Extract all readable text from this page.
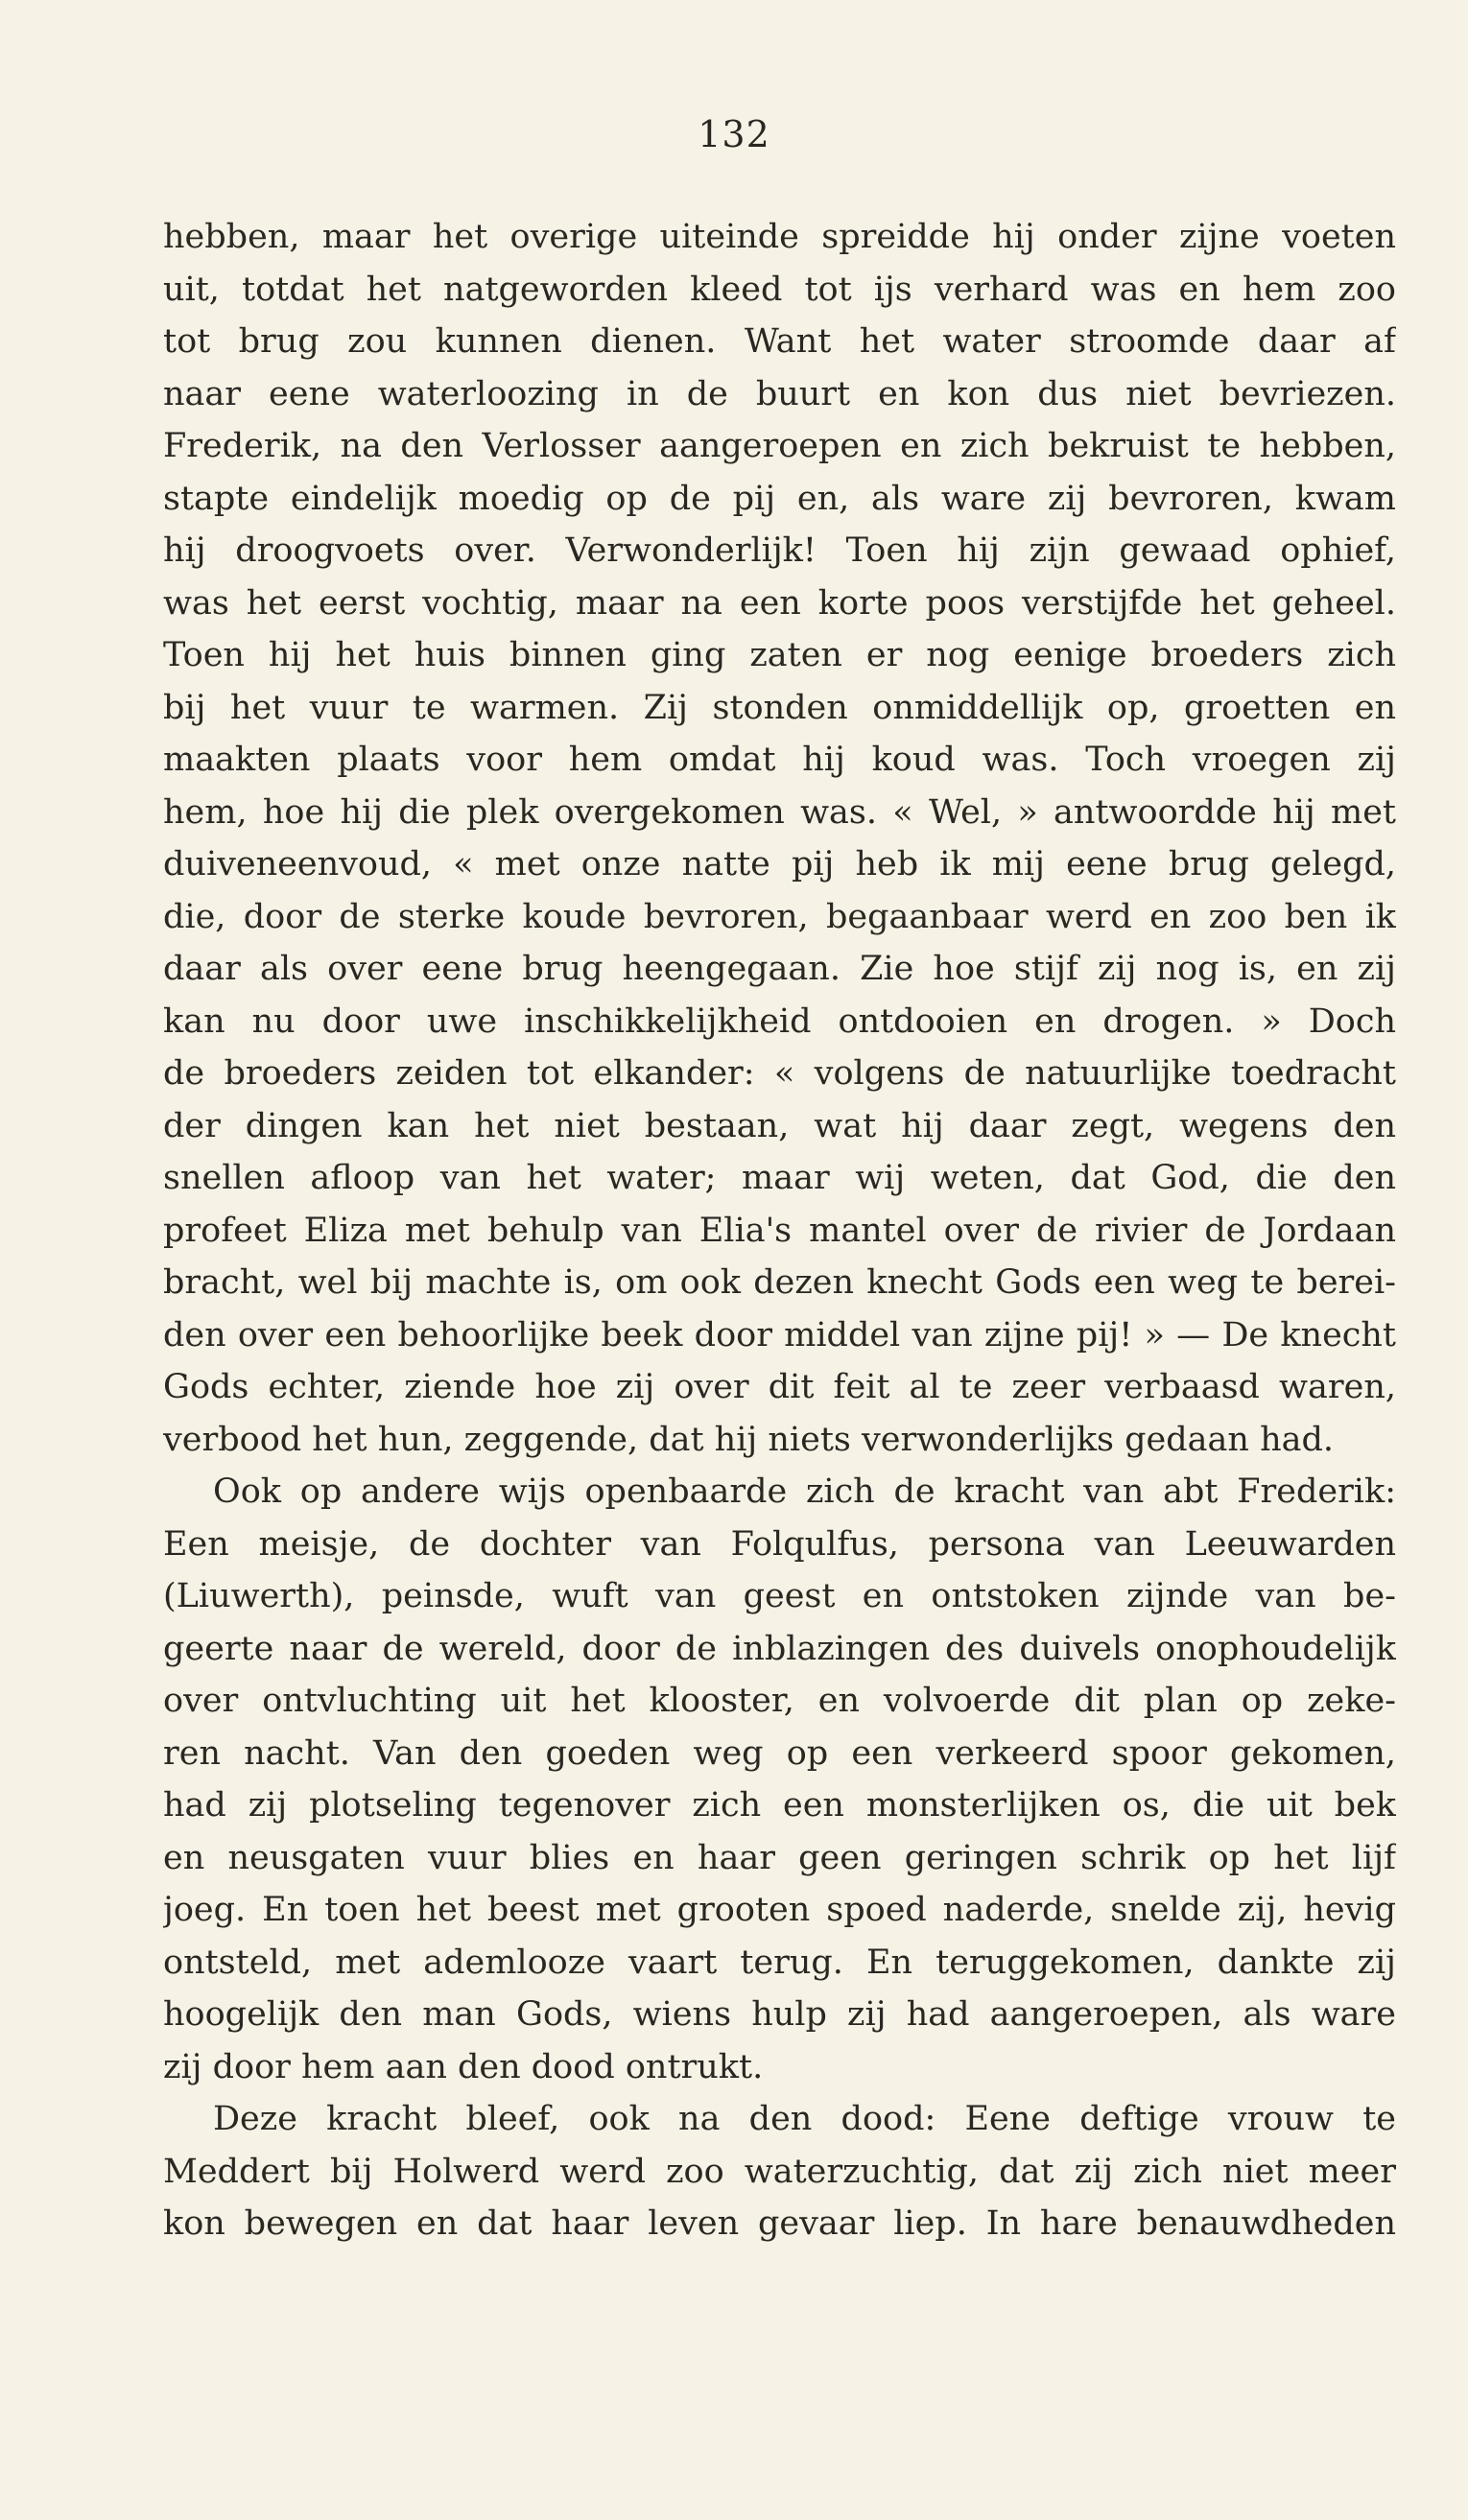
132
hebben, maar het overige uiteinde spreidde hij onder zijne voeten
uit, totdat het natgeworden kleed tot ijs verhard was en hem zoo
tot brug zou kunnen dienen. Want het water stroomde daar af
naar eene waterloozing in de buurt en kon dus niet bevriezen.
Frederik, na den Verlosser aangeroepen en zich bekruist te hebben,
stapte eindelijk moedig op de pij en, als ware zij bevroren, kwam
hij droogvoets over. Verwonderlijk! Toen hij zijn gewaad ophief,
was het eerst vochtig, maar na een korte poos verstijfde het geheel.
Toen hij het huis binnen ging zaten er nog eenige broeders zich
bij het vuur te warmen. Zij stonden onmiddellijk op, groetten en
maakten plaats voor hem omdat hij koud was. Toch vroegen zij
hem, hoe hij die plek overgekomen was. « Wel, » antwoordde hij met
duiveneenvoud, « met onze natte pij heb ik mij eene brug gelegd,
die, door de sterke koude bevroren, begaanbaar werd en zoo ben ik
daar als over eene brug heengegaan. Zie hoe stijf zij nog is, en zij
kan nu door uwe inschikkelijkheid ontdooien en drogen. » Doch
de broeders zeiden tot elkander: « volgens de natuurlijke toedracht
der dingen kan het niet bestaan, wat hij daar zegt, wegens den
snellen afloop van het water; maar wij weten, dat God, die den
profeet Eliza met behulp van Elia's mantel over de rivier de Jordaan
bracht, wel bij machte is, om ook dezen knecht Gods een weg te berei-
den over een behoorlijke beek door middel van zijne pij! » — De knecht
Gods echter, ziende hoe zij over dit feit al te zeer verbaasd waren,
verbood het hun, zeggende, dat hij niets verwonderlijks gedaan had.
Ook op andere wijs openbaarde zich de kracht van abt Frederik:
Een meisje, de dochter van Folqulfus, persona van Leeuwarden
(Liuwerth), peinsde, wuft van geest en ontstoken zijnde van be-
geerte naar de wereld, door de inblazingen des duivels onophoudelijk
over ontvluchting uit het klooster, en volvoerde dit plan op zeke-
ren nacht. Van den goeden weg op een verkeerd spoor gekomen,
had zij plotseling tegenover zich een monsterlijken os, die uit bek
en neusgaten vuur blies en haar geen geringen schrik op het lijf
joeg. En toen het beest met grooten spoed naderde, snelde zij, hevig
ontsteld, met ademlooze vaart terug. En teruggekomen, dankte zij
hoogelijk den man Gods, wiens hulp zij had aangeroepen, als ware
zij door hem aan den dood ontrukt.
Deze kracht bleef, ook na den dood: Eene deftige vrouw te
Meddert bij Holwerd werd zoo waterzuchtig, dat zij zich niet meer
kon bewegen en dat haar leven gevaar liep. In hare benauwdheden
